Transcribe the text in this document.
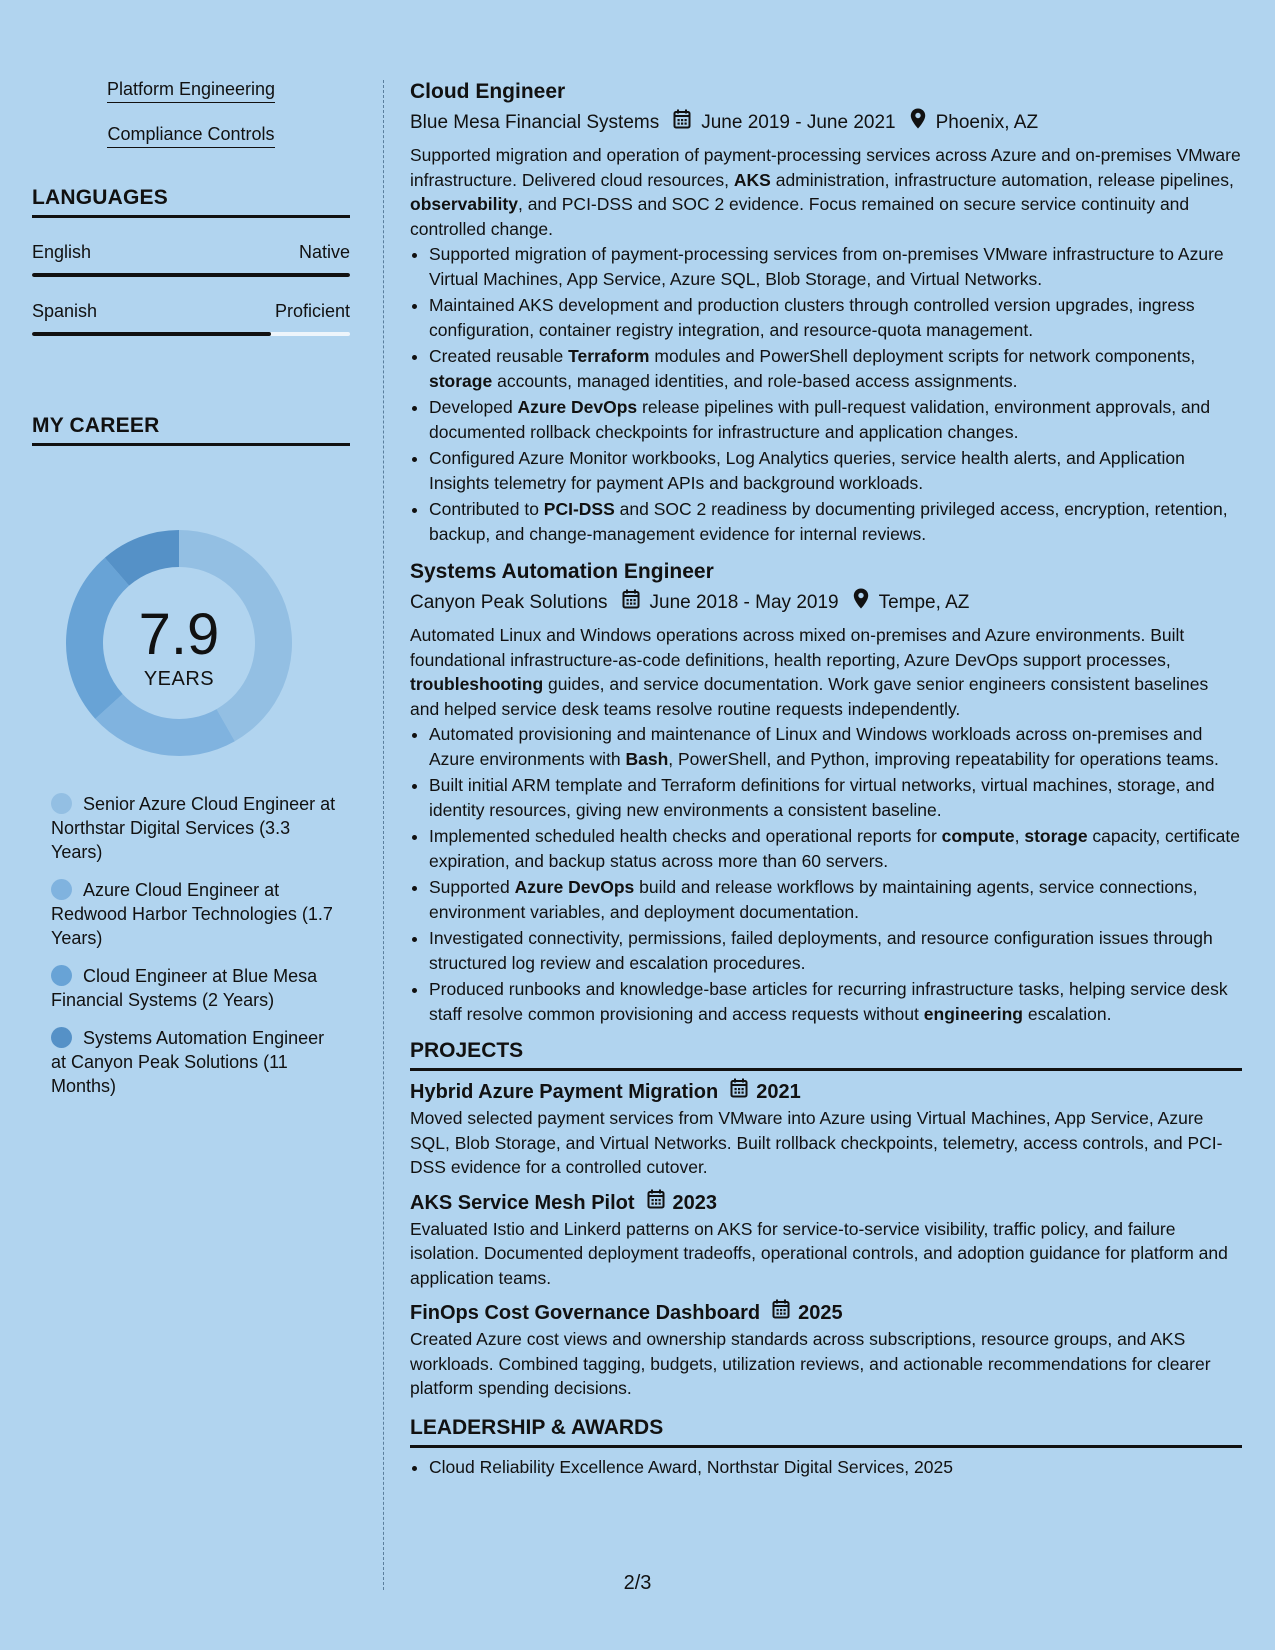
Platform Engineering
Compliance Controls
LANGUAGES
English	Native
Spanish	Proficient
MY CAREER
7.9
YEARS
Senior Azure Cloud Engineer at Northstar Digital Services (3.3 Years)
Azure Cloud Engineer at Redwood Harbor Technologies (1.7 Years)
Cloud Engineer at Blue Mesa Financial Systems (2 Years)
Systems Automation Engineer at Canyon Peak Solutions (11 Months)
Cloud Engineer
Blue Mesa Financial Systems June 2019 - June 2021 Phoenix, AZ

Supported migration and operation of payment-processing services across Azure and on-premises VMware infrastructure. Delivered cloud resources, AKS administration, infrastructure automation, release pipelines, observability, and PCI-DSS and SOC 2 evidence. Focus remained on secure service continuity and controlled change.

• Supported migration of payment-processing services from on-premises VMware infrastructure to Azure Virtual Machines, App Service, Azure SQL, Blob Storage, and Virtual Networks.
• Maintained AKS development and production clusters through controlled version upgrades, ingress configuration, container registry integration, and resource-quota management.
• Created reusable Terraform modules and PowerShell deployment scripts for network components, storage accounts, managed identities, and role-based access assignments.
• Developed Azure DevOps release pipelines with pull-request validation, environment approvals, and documented rollback checkpoints for infrastructure and application changes.
• Configured Azure Monitor workbooks, Log Analytics queries, service health alerts, and Application Insights telemetry for payment APIs and background workloads.
• Contributed to PCI-DSS and SOC 2 readiness by documenting privileged access, encryption, retention, backup, and change-management evidence for internal reviews.
Systems Automation Engineer
Canyon Peak Solutions June 2018 - May 2019 Tempe, AZ

Automated Linux and Windows operations across mixed on-premises and Azure environments. Built foundational infrastructure-as-code definitions, health reporting, Azure DevOps support processes, troubleshooting guides, and service documentation. Work gave senior engineers consistent baselines and helped service desk teams resolve routine requests independently.

• Automated provisioning and maintenance of Linux and Windows workloads across on-premises and Azure environments with Bash, PowerShell, and Python, improving repeatability for operations teams.
• Built initial ARM template and Terraform definitions for virtual networks, virtual machines, storage, and identity resources, giving new environments a consistent baseline.
• Implemented scheduled health checks and operational reports for compute, storage capacity, certificate expiration, and backup status across more than 60 servers.
• Supported Azure DevOps build and release workflows by maintaining agents, service connections, environment variables, and deployment documentation.
• Investigated connectivity, permissions, failed deployments, and resource configuration issues through structured log review and escalation procedures.
• Produced runbooks and knowledge-base articles for recurring infrastructure tasks, helping service desk staff resolve common provisioning and access requests without engineering escalation.
PROJECTS
Hybrid Azure Payment Migration 2021

Moved selected payment services from VMware into Azure using Virtual Machines, App Service, Azure SQL, Blob Storage, and Virtual Networks. Built rollback checkpoints, telemetry, access controls, and PCI-DSS evidence for a controlled cutover.

AKS Service Mesh Pilot 2023

Evaluated Istio and Linkerd patterns on AKS for service-to-service visibility, traffic policy, and failure isolation. Documented deployment tradeoffs, operational controls, and adoption guidance for platform and application teams.

FinOps Cost Governance Dashboard 2025

Created Azure cost views and ownership standards across subscriptions, resource groups, and AKS workloads. Combined tagging, budgets, utilization reviews, and actionable recommendations for clearer platform spending decisions.

LEADERSHIP & AWARDS
• Cloud Reliability Excellence Award, Northstar Digital Services, 2025
2/3
